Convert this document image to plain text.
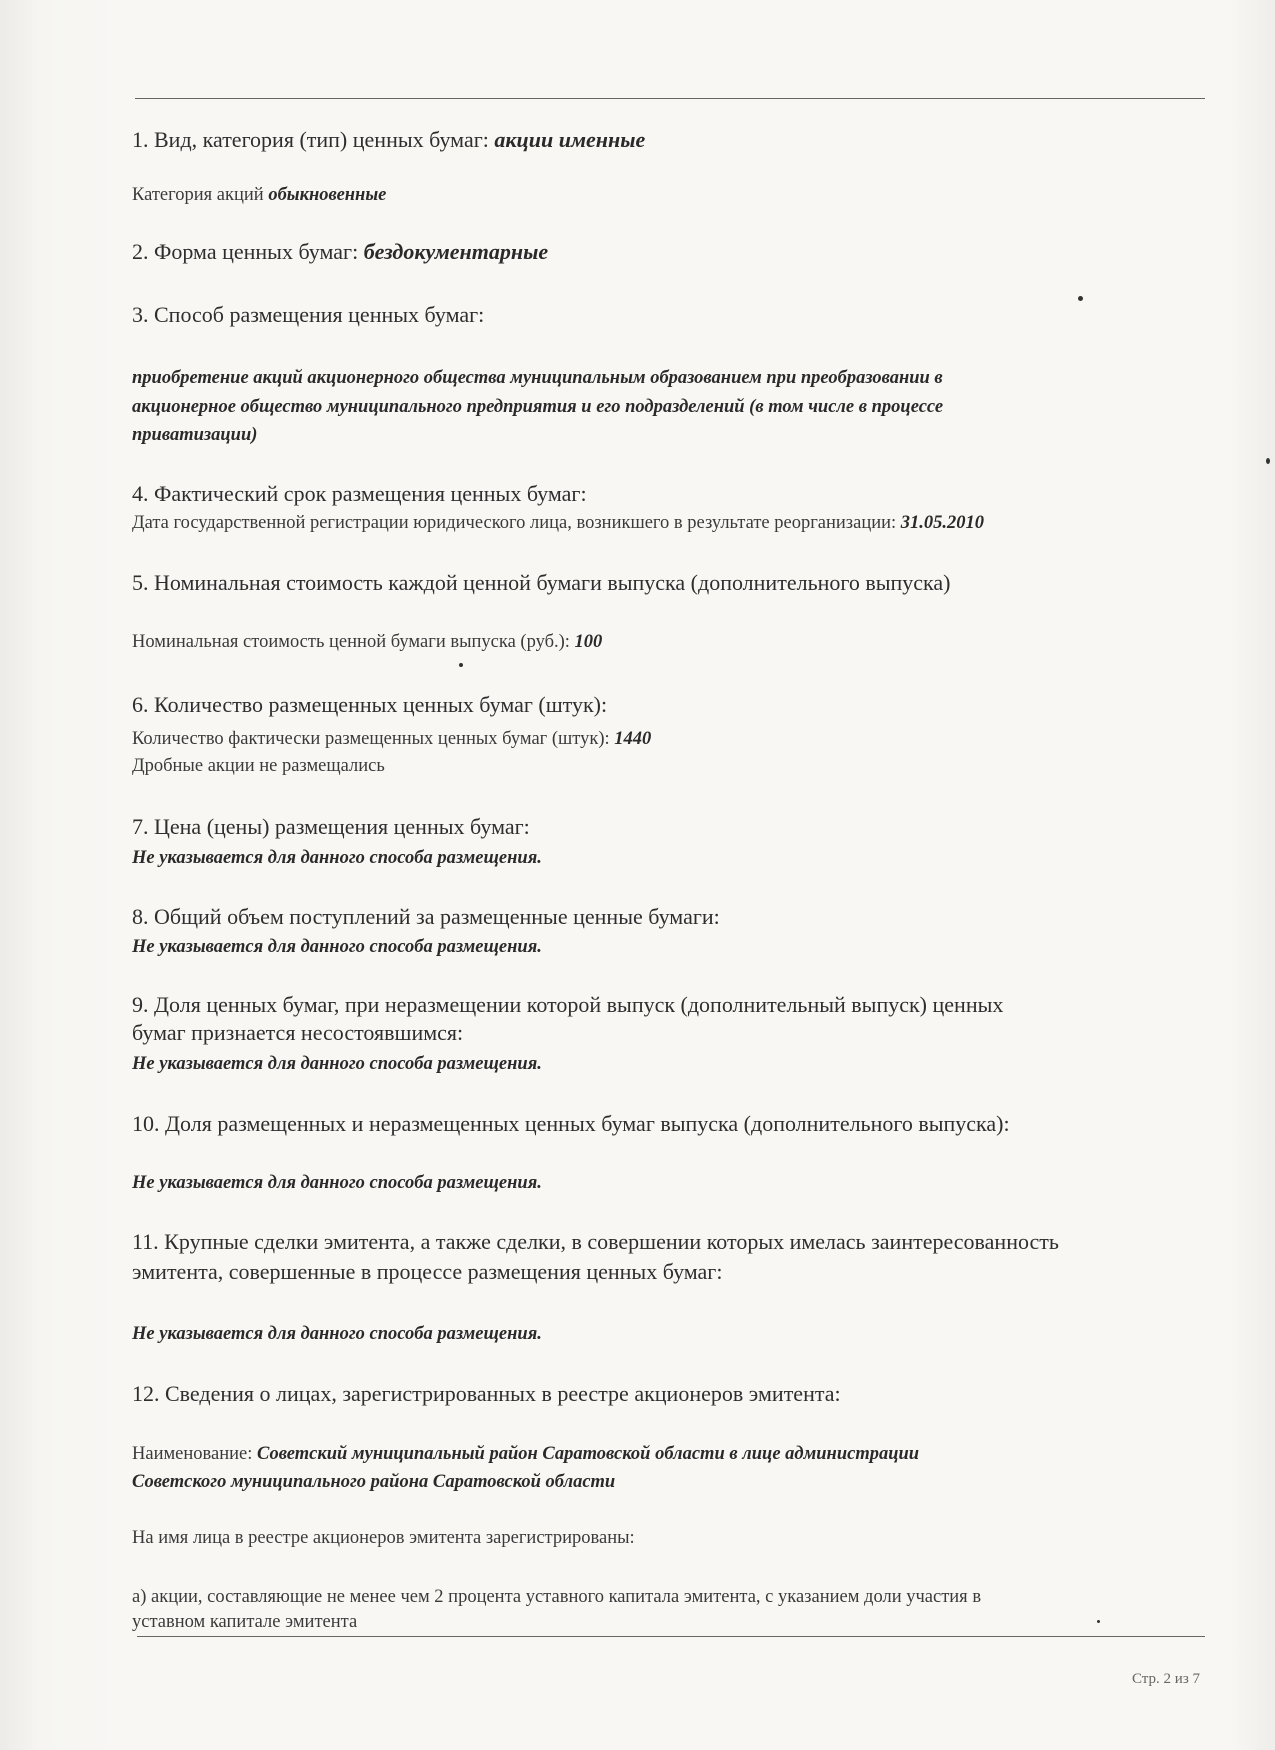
1. Вид, категория (тип) ценных бумаг: акции именные
Категория акций обыкновенные
2. Форма ценных бумаг: бездокументарные
3. Способ размещения ценных бумаг:
приобретение акций акционерного общества муниципальным образованием при преобразовании в
акционерное общество муниципального предприятия и его подразделений (в том числе в процессе
приватизации)
4. Фактический срок размещения ценных бумаг:
Дата государственной регистрации юридического лица, возникшего в результате реорганизации: 31.05.2010
5. Номинальная стоимость каждой ценной бумаги выпуска (дополнительного выпуска)
Номинальная стоимость ценной бумаги выпуска (руб.): 100
6. Количество размещенных ценных бумаг (штук):
Количество фактически размещенных ценных бумаг (штук): 1440
Дробные акции не размещались
7. Цена (цены) размещения ценных бумаг:
Не указывается для данного способа размещения.
8. Общий объем поступлений за размещенные ценные бумаги:
Не указывается для данного способа размещения.
9. Доля ценных бумаг, при неразмещении которой выпуск (дополнительный выпуск) ценных
бумаг признается несостоявшимся:
Не указывается для данного способа размещения.
10. Доля размещенных и неразмещенных ценных бумаг выпуска (дополнительного выпуска):
Не указывается для данного способа размещения.
11. Крупные сделки эмитента, а также сделки, в совершении которых имелась заинтересованность
эмитента, совершенные в процессе размещения ценных бумаг:
Не указывается для данного способа размещения.
12. Сведения о лицах, зарегистрированных в реестре акционеров эмитента:
Наименование: Советский муниципальный район Саратовской области в лице администрации
Советского муниципального района Саратовской области
На имя лица в реестре акционеров эмитента зарегистрированы:
а) акции, составляющие не менее чем 2 процента уставного капитала эмитента, с указанием доли участия в
уставном капитале эмитента
Стр. 2 из 7
